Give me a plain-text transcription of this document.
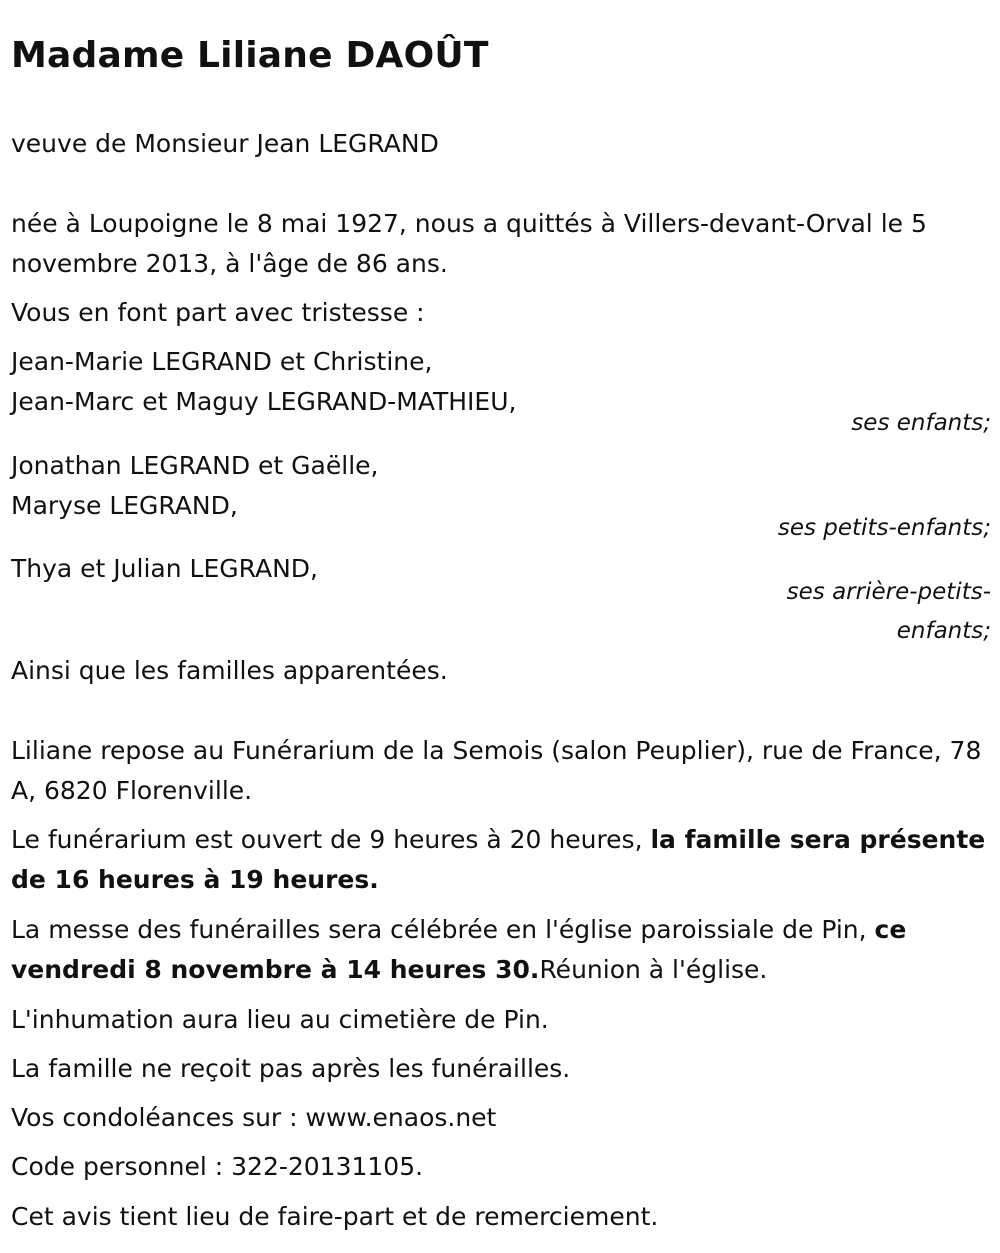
Madame Liliane DAOÛT

veuve de Monsieur Jean LEGRAND

née à Loupoigne le 8 mai 1927, nous a quittés à Villers-devant-Orval le 5 novembre 2013, à l'âge de 86 ans.

Vous en font part avec tristesse :

Jean-Marie LEGRAND et Christine,
Jean-Marc et Maguy LEGRAND-MATHIEU,
ses enfants;
Jonathan LEGRAND et Gaëlle,
Maryse LEGRAND,
ses petits-enfants;
Thya et Julian LEGRAND,
ses arrière-petits-
enfants;

Ainsi que les familles apparentées.

Liliane repose au Funérarium de la Semois (salon Peuplier), rue de France, 78 A, 6820 Florenville.

Le funérarium est ouvert de 9 heures à 20 heures, la famille sera présente de 16 heures à 19 heures.

La messe des funérailles sera célébrée en l'église paroissiale de Pin, ce vendredi 8 novembre à 14 heures 30.Réunion à l'église.

L'inhumation aura lieu au cimetière de Pin.

La famille ne reçoit pas après les funérailles.

Vos condoléances sur : www.enaos.net

Code personnel : 322-20131105.

Cet avis tient lieu de faire-part et de remerciement.
